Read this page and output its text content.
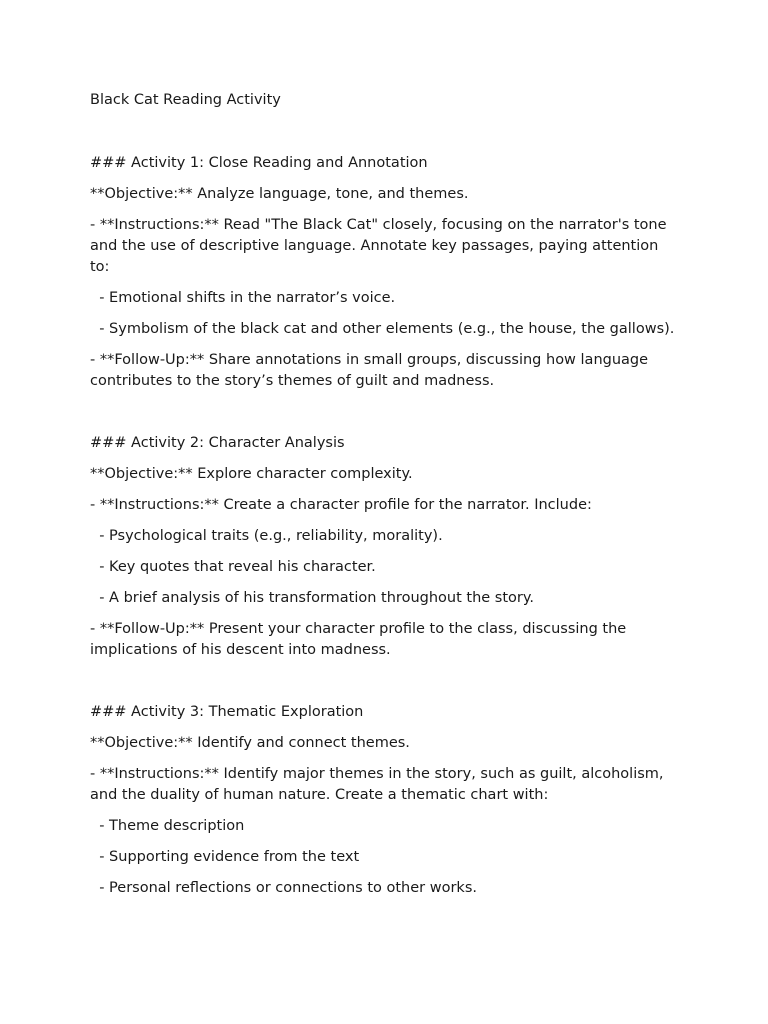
Black Cat Reading Activity

### Activity 1: Close Reading and Annotation

**Objective:** Analyze language, tone, and themes.

- **Instructions:** Read "The Black Cat" closely, focusing on the narrator's tone and the use of descriptive language. Annotate key passages, paying attention to:

- Emotional shifts in the narrator’s voice.

- Symbolism of the black cat and other elements (e.g., the house, the gallows).

- **Follow-Up:** Share annotations in small groups, discussing how language contributes to the story’s themes of guilt and madness.

### Activity 2: Character Analysis

**Objective:** Explore character complexity.

- **Instructions:** Create a character profile for the narrator. Include:

- Psychological traits (e.g., reliability, morality).

- Key quotes that reveal his character.

- A brief analysis of his transformation throughout the story.

- **Follow-Up:** Present your character profile to the class, discussing the implications of his descent into madness.

### Activity 3: Thematic Exploration

**Objective:** Identify and connect themes.

- **Instructions:** Identify major themes in the story, such as guilt, alcoholism, and the duality of human nature. Create a thematic chart with:

- Theme description

- Supporting evidence from the text

- Personal reflections or connections to other works.
